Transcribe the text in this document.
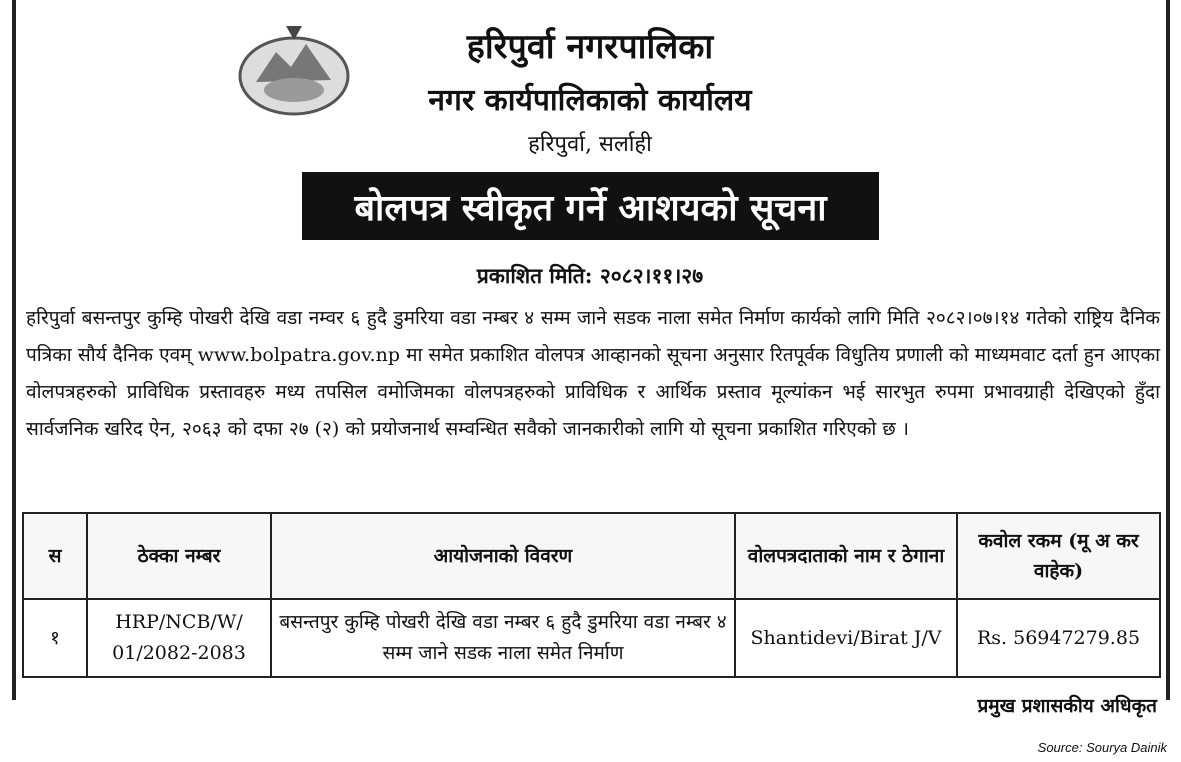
हरिपुर्वा नगरपालिका
नगर कार्यपालिकाको कार्यालय
हरिपुर्वा, सर्लाही
बोलपत्र स्वीकृत गर्ने आशयको सूचना
प्रकाशित मिति: २०८२।११।२७
हरिपुर्वा बसन्तपुर कुम्हि पोखरी देखि वडा नम्वर ६ हुदै डुमरिया वडा नम्बर ४ सम्म जाने सडक नाला समेत निर्माण कार्यको लागि मिति २०८२।०७।१४ गतेको राष्ट्रिय दैनिक पत्रिका सौर्य दैनिक एवम् www.bolpatra.gov.np मा समेत प्रकाशित वोलपत्र आव्हानको सूचना अनुसार रितपूर्वक विधुतिय प्रणाली को माध्यमवाट दर्ता हुन आएका वोलपत्रहरुको प्राविधिक प्रस्तावहरु मध्य तपसिल वमोजिमका वोलपत्रहरुको प्राविधिक र आर्थिक प्रस्ताव मूल्यांकन भई सारभुत रुपमा प्रभावग्राही देखिएको हुँदा सार्वजनिक खरिद ऐन, २०६३ को दफा २७ (२) को प्रयोजनार्थ सम्वन्धित सवैको जानकारीको लागि यो सूचना प्रकाशित गरिएको छ ।
स	ठेक्का नम्बर	आयोजनाको विवरण	वोलपत्रदाताको नाम र ठेगाना	कवोल रकम (मू अ कर वाहेक)
१	HRP/NCB/W/ 01/2082-2083	बसन्तपुर कुम्हि पोखरी देखि वडा नम्बर ६ हुदै डुमरिया वडा नम्बर ४ सम्म जाने सडक नाला समेत निर्माण	Shantidevi/Birat J/V	Rs. 56947279.85
प्रमुख प्रशासकीय अधिकृत
Source: Sourya Dainik
